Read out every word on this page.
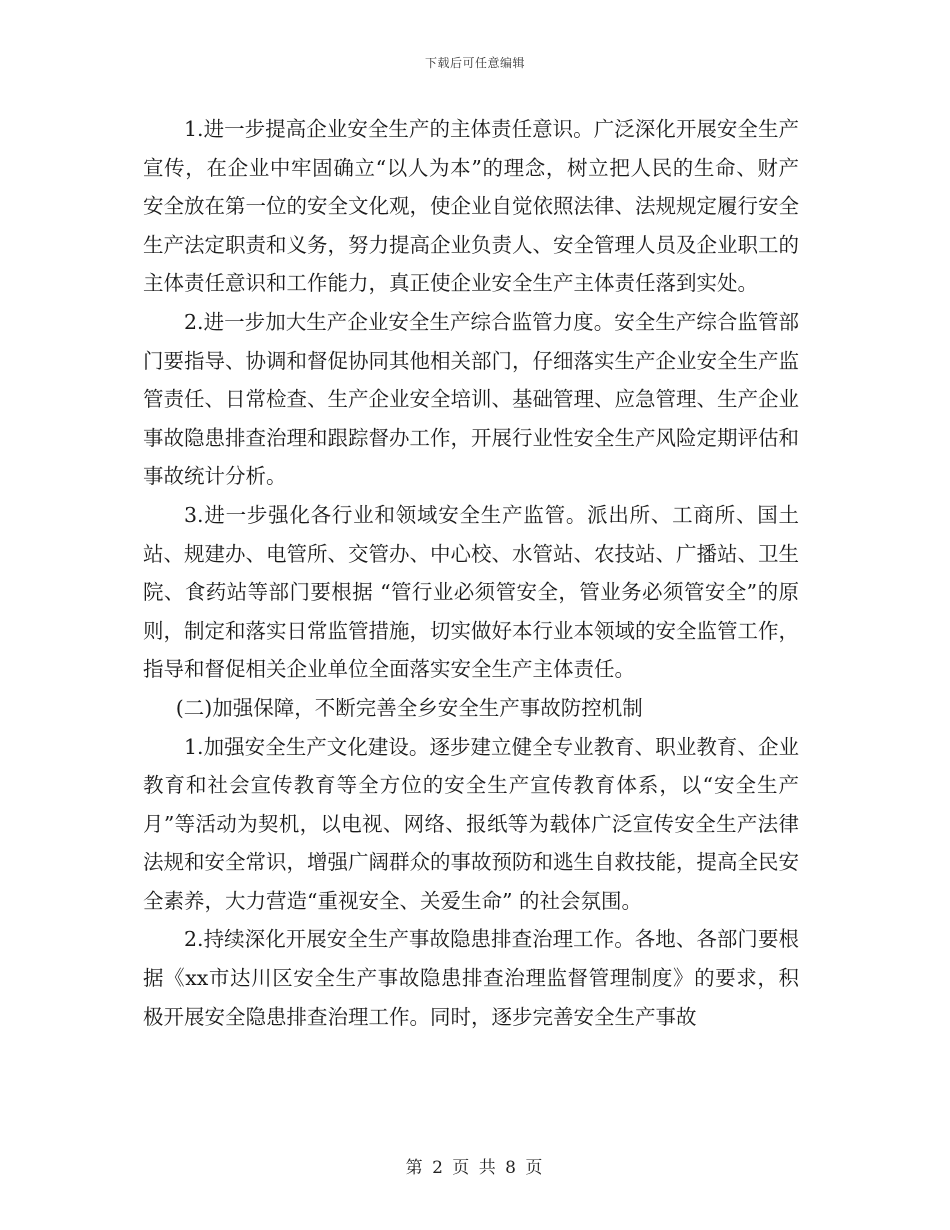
下载后可任意编辑

1.进一步提高企业安全生产的主体责任意识。广泛深化开展安全生产宣传，在企业中牢固确立“以人为本”的理念，树立把人民的生命、财产安全放在第一位的安全文化观，使企业自觉依照法律、法规规定履行安全生产法定职责和义务，努力提高企业负责人、安全管理人员及企业职工的主体责任意识和工作能力，真正使企业安全生产主体责任落到实处。

2.进一步加大生产企业安全生产综合监管力度。安全生产综合监管部门要指导、协调和督促协同其他相关部门，仔细落实生产企业安全生产监管责任、日常检查、生产企业安全培训、基础管理、应急管理、生产企业事故隐患排查治理和跟踪督办工作，开展行业性安全生产风险定期评估和事故统计分析。

3.进一步强化各行业和领域安全生产监管。派出所、工商所、国土站、规建办、电管所、交管办、中心校、水管站、农技站、广播站、卫生院、食药站等部门要根据 “管行业必须管安全，管业务必须管安全”的原则，制定和落实日常监管措施，切实做好本行业本领域的安全监管工作，指导和督促相关企业单位全面落实安全生产主体责任。

(二)加强保障，不断完善全乡安全生产事故防控机制

1.加强安全生产文化建设。逐步建立健全专业教育、职业教育、企业教育和社会宣传教育等全方位的安全生产宣传教育体系，以“安全生产月”等活动为契机，以电视、网络、报纸等为载体广泛宣传安全生产法律法规和安全常识，增强广阔群众的事故预防和逃生自救技能，提高全民安全素养，大力营造“重视安全、关爱生命” 的社会氛围。

2.持续深化开展安全生产事故隐患排查治理工作。各地、各部门要根据《xx市达川区安全生产事故隐患排查治理监督管理制度》的要求，积极开展安全隐患排查治理工作。同时，逐步完善安全生产事故

第 2 页 共 8 页
